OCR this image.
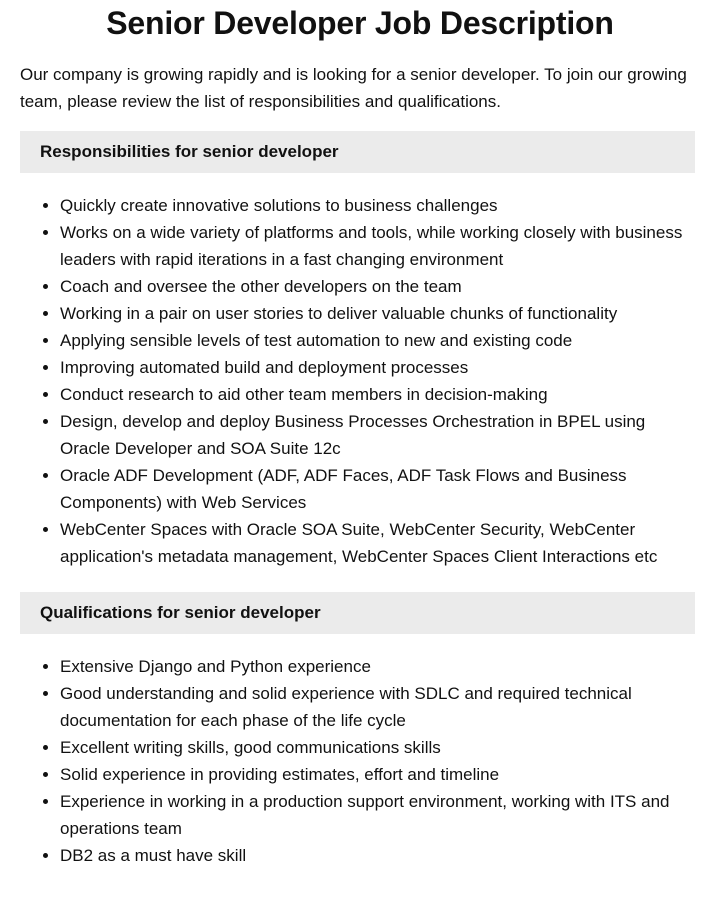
Senior Developer Job Description

Our company is growing rapidly and is looking for a senior developer. To join our growing team, please review the list of responsibilities and qualifications.

Responsibilities for senior developer
• Quickly create innovative solutions to business challenges
• Works on a wide variety of platforms and tools, while working closely with business leaders with rapid iterations in a fast changing environment
• Coach and oversee the other developers on the team
• Working in a pair on user stories to deliver valuable chunks of functionality
• Applying sensible levels of test automation to new and existing code
• Improving automated build and deployment processes
• Conduct research to aid other team members in decision-making
• Design, develop and deploy Business Processes Orchestration in BPEL using Oracle Developer and SOA Suite 12c
• Oracle ADF Development (ADF, ADF Faces, ADF Task Flows and Business Components) with Web Services
• WebCenter Spaces with Oracle SOA Suite, WebCenter Security, WebCenter application's metadata management, WebCenter Spaces Client Interactions etc
Qualifications for senior developer
• Extensive Django and Python experience
• Good understanding and solid experience with SDLC and required technical documentation for each phase of the life cycle
• Excellent writing skills, good communications skills
• Solid experience in providing estimates, effort and timeline
• Experience in working in a production support environment, working with ITS and operations team
• DB2 as a must have skill
